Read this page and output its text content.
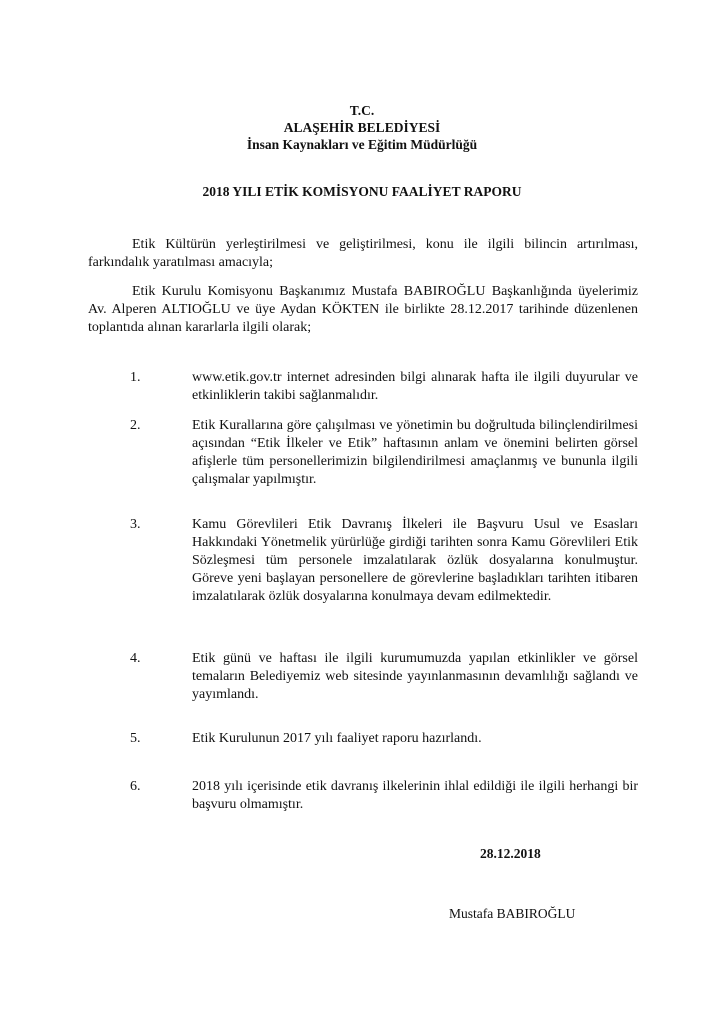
T.C.
ALAŞEHİR BELEDİYESİ
İnsan Kaynakları ve Eğitim Müdürlüğü
2018 YILI ETİK KOMİSYONU FAALİYET RAPORU
Etik Kültürün yerleştirilmesi ve geliştirilmesi, konu ile ilgili bilincin artırılması, farkındalık yaratılması amacıyla;
Etik Kurulu Komisyonu Başkanımız Mustafa BABIROĞLU Başkanlığında üyelerimiz Av. Alperen ALTIOĞLU ve üye Aydan KÖKTEN ile birlikte 28.12.2017 tarihinde düzenlenen toplantıda alınan kararlarla ilgili olarak;
1.	www.etik.gov.tr internet adresinden bilgi alınarak hafta ile ilgili duyurular ve etkinliklerin takibi sağlanmalıdır.
2.	Etik Kurallarına göre çalışılması ve yönetimin bu doğrultuda bilinçlendirilmesi açısından “Etik İlkeler ve Etik” haftasının anlam ve önemini belirten görsel afişlerle tüm personellerimizin bilgilendirilmesi amaçlanmış ve bununla ilgili çalışmalar yapılmıştır.
3.	Kamu Görevlileri Etik Davranış İlkeleri ile Başvuru Usul ve Esasları Hakkındaki Yönetmelik yürürlüğe girdiği tarihten sonra Kamu Görevlileri Etik Sözleşmesi tüm personele imzalatılarak özlük dosyalarına konulmuştur. Göreve yeni başlayan personellere de görevlerine başladıkları tarihten itibaren imzalatılarak özlük dosyalarına konulmaya devam edilmektedir.
4.	Etik günü ve haftası ile ilgili kurumumuzda yapılan etkinlikler ve görsel temaların Belediyemiz web sitesinde yayınlanmasının devamlılığı sağlandı ve yayımlandı.
5.	Etik Kurulunun 2017 yılı faaliyet raporu hazırlandı.
6.	2018 yılı içerisinde etik davranış ilkelerinin ihlal edildiği ile ilgili herhangi bir başvuru olmamıştır.
28.12.2018
Mustafa BABIROĞLU
